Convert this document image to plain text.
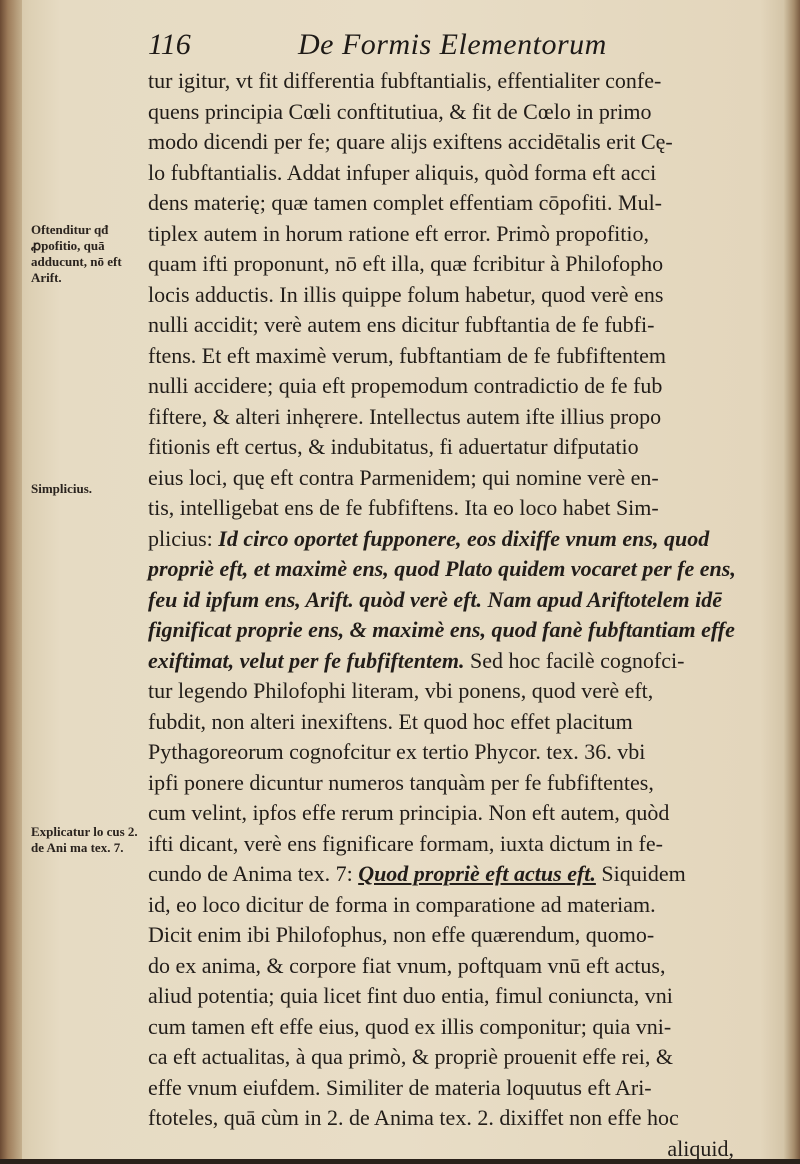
116	De Formis Elementorum
Oftenditur qđ ꝓpofitio, quā adducunt, nō eft Arift.
Simplicius.
Explicatur lo cus 2. de Ani ma tex. 7.
tur igitur, vt fit differentia fubftantialis, effentialiter confe-
quens principia Cœli conftitutiua, & fit de Cœlo in primo
modo dicendi per fe; quare alijs exiftens accidētalis erit Cę-
lo fubftantialis. Addat infuper aliquis, quòd forma eft acci
dens materię; quæ tamen complet effentiam cōpofiti. Mul-
tiplex autem in horum ratione eft error. Primò propofitio,
quam ifti proponunt, nō eft illa, quæ fcribitur à Philofopho
locis adductis. In illis quippe folum habetur, quod verè ens
nulli accidit; verè autem ens dicitur fubftantia de fe fubfi-
ftens. Et eft maximè verum, fubftantiam de fe fubfiftentem
nulli accidere; quia eft propemodum contradictio de fe fub
fiftere, & alteri inhęrere. Intellectus autem ifte illius propo
fitionis eft certus, & indubitatus, fi aduertatur difputatio
eius loci, quę eft contra Parmenidem; qui nomine verè en-
tis, intelligebat ens de fe fubfiftens. Ita eo loco habet Sim-
plicius: Id circo oportet fupponere, eos dixiffe vnum ens, quod
propriè eft, et maximè ens, quod Plato quidem vocaret per fe ens,
feu id ipfum ens, Arift. quòd verè eft. Nam apud Ariftotelem idē
fignificat proprie ens, & maximè ens, quod fanè fubftantiam effe
exiftimat, velut per fe fubfiftentem. Sed hoc facilè cognofci-
tur legendo Philofophi literam, vbi ponens, quod verè eft,
fubdit, non alteri inexiftens. Et quod hoc effet placitum
Pythagoreorum cognofcitur ex tertio Phycor. tex. 36. vbi
ipfi ponere dicuntur numeros tanquàm per fe fubfiftentes,
cum velint, ipfos effe rerum principia. Non eft autem, quòd
ifti dicant, verè ens fignificare formam, iuxta dictum in fe-
cundo de Anima tex. 7: Quod propriè eft actus eft. Siquidem
id, eo loco dicitur de forma in comparatione ad materiam.
Dicit enim ibi Philofophus, non effe quærendum, quomo-
do ex anima, & corpore fiat vnum, poftquam vnū eft actus,
aliud potentia; quia licet fint duo entia, fimul coniuncta, vni
cum tamen eft effe eius, quod ex illis componitur; quia vni-
ca eft actualitas, à qua primò, & propriè prouenit effe rei, &
effe vnum eiufdem. Similiter de materia loquutus eft Ari-
ftoteles, quā cùm in 2. de Anima tex. 2. dixiffet non effe hoc
aliquid,
